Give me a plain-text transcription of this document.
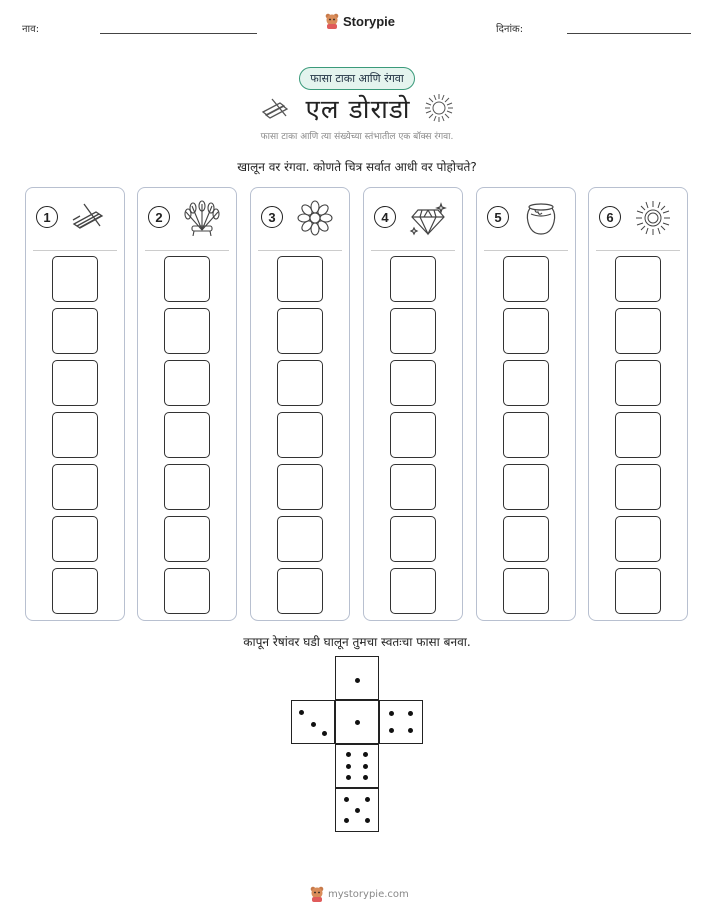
नाव:
Storypie
दिनांक:
फासा टाका आणि रंगवा
एल डोराडो
फासा टाका आणि त्या संख्येच्या स्तंभातील एक बॉक्स रंगवा.
खालून वर रंगवा. कोणते चित्र सर्वात आधी वर पोहोचते?
1	2	3	4	5	6
कापून रेषांवर घडी घालून तुमचा स्वतःचा फासा बनवा.
mystorypie.com
